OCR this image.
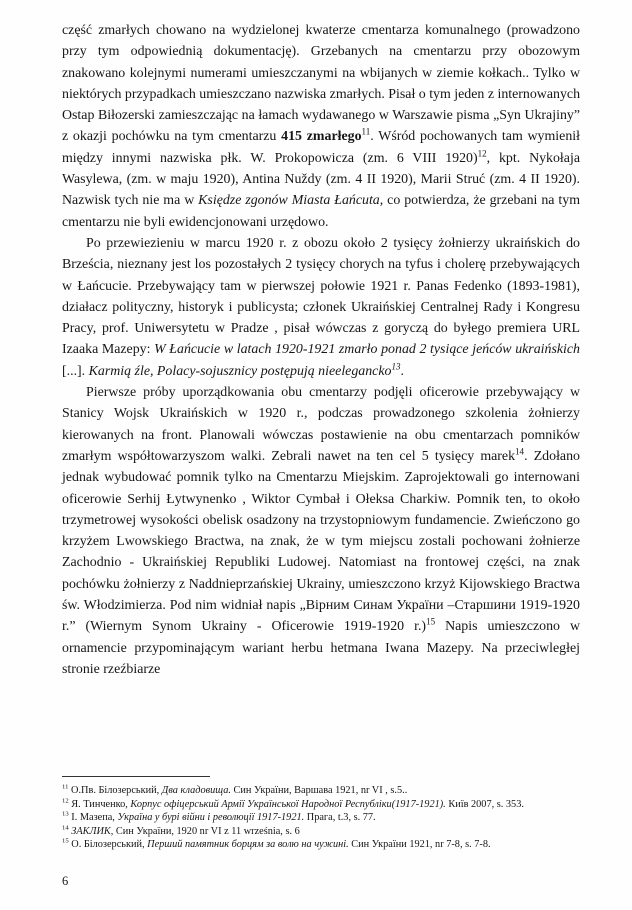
część zmarłych chowano na wydzielonej kwaterze cmentarza komunalnego (prowadzono przy tym odpowiednią dokumentację). Grzebanych na cmentarzu przy obozowym znakowano kolejnymi numerami umieszczanymi na wbijanych w ziemie kołkach.. Tylko w niektórych przypadkach umieszczano nazwiska zmarłych. Pisał o tym jeden z internowanych Ostap Biłozerski zamieszczając na łamach wydawanego w Warszawie pisma „Syn Ukrajiny” z okazji pochówku na tym cmentarzu 415 zmarłego$^{11}$. Wśród pochowanych tam wymienił między innymi nazwiska płk. W. Prokopowicza (zm. 6 VIII 1920)$^{12}$, kpt. Nykołaja Wasylewa, (zm. w maju 1920), Antina Nuždy (zm. 4 II 1920), Marii Struć (zm. 4 II 1920). Nazwisk tych nie ma w Księdze zgonów Miasta Łańcuta, co potwierdza, że grzebani na tym cmentarzu nie byli ewidencjonowani urzędowo.

Po przewiezieniu w marcu 1920 r. z obozu około 2 tysięcy żołnierzy ukraińskich do Brześcia, nieznany jest los pozostałych 2 tysięcy chorych na tyfus i cholerę przebywających w Łańcucie. Przebywający tam w pierwszej połowie 1921 r. Panas Fedenko (1893-1981), działacz polityczny, historyk i publicysta; członek Ukraińskiej Centralnej Rady i Kongresu Pracy, prof. Uniwersytetu w Pradze , pisał wówczas z goryczą do byłego premiera URL Izaaka Mazepy: W Łańcucie w latach 1920-1921 zmarło ponad 2 tysiące jeńców ukraińskich [...]. Karmią źle, Polacy-sojusznicy postępują nieelegancko$^{13}$.

Pierwsze próby uporządkowania obu cmentarzy podjęli oficerowie przebywający w Stanicy Wojsk Ukraińskich w 1920 r., podczas prowadzonego szkolenia żołnierzy kierowanych na front. Planowali wówczas postawienie na obu cmentarzach pomników zmarłym współtowarzyszom walki. Zebrali nawet na ten cel 5 tysięcy marek$^{14}$. Zdołano jednak wybudować pomnik tylko na Cmentarzu Miejskim. Zaprojektowali go internowani oficerowie Serhij Łytwynenko , Wiktor Cymbał i Ołeksa Charkiw. Pomnik ten, to około trzymetrowej wysokości obelisk osadzony na trzystopniowym fundamencie. Zwieńczono go krzyżem Lwowskiego Bractwa, na znak, że w tym miejscu zostali pochowani żołnierze Zachodnio - Ukraińskiej Republiki Ludowej. Natomiast na frontowej części, na znak pochówku żołnierzy z Naddnieprzańskiej Ukrainy, umieszczono krzyż Kijowskiego Bractwa św. Włodzimierza. Pod nim widniał napis „Вірним Синам України –Старшини 1919-1920 r.” (Wiernym Synom Ukrainy - Oficerowie 1919-1920 r.)$^{15}$ Napis umieszczono w ornamencie przypominającym wariant herbu hetmana Iwana Mazepy. Na przeciwległej stronie rzeźbiarze

$^{11}$ О.Пв. Білозерський, Два кладовища. Син України, Варшава 1921, nr VI , s.5..
$^{12}$ Я. Тинченко, Корпус офіцерський Армії Української Народної Республіки(1917-1921). Київ 2007, s. 353.
$^{13}$ I. Мазепа, Україна у бурі війни і революції 1917-1921. Прага, t.3, s. 77.
$^{14}$ ЗАКЛИК, Син України, 1920 nr VI z 11 września, s. 6
$^{15}$ О. Білозерський, Перший памятник борцям за волю на чужині. Син України 1921, nr 7-8, s. 7-8.
6
